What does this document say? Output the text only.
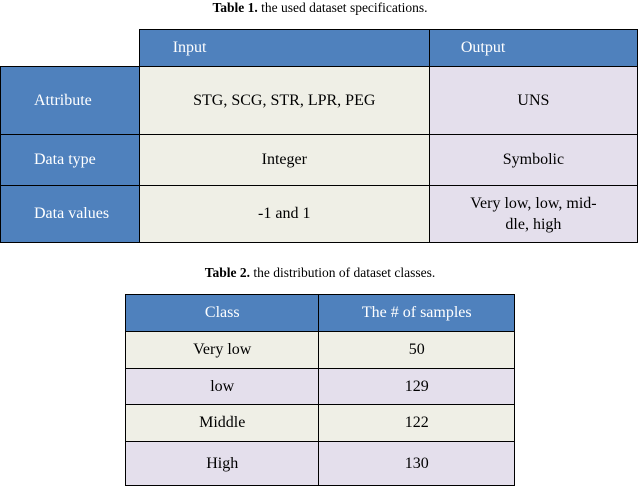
Table 1. the used dataset specifications.
	Input	Output
Attribute	STG, SCG, STR, LPR, PEG	UNS
Data type	Integer	Symbolic
Data values	-1 and 1	Very low, low, mid-
dle, high
Table 2. the distribution of dataset classes.
Class	The # of samples
Very low	50
low	129
Middle	122
High	130
